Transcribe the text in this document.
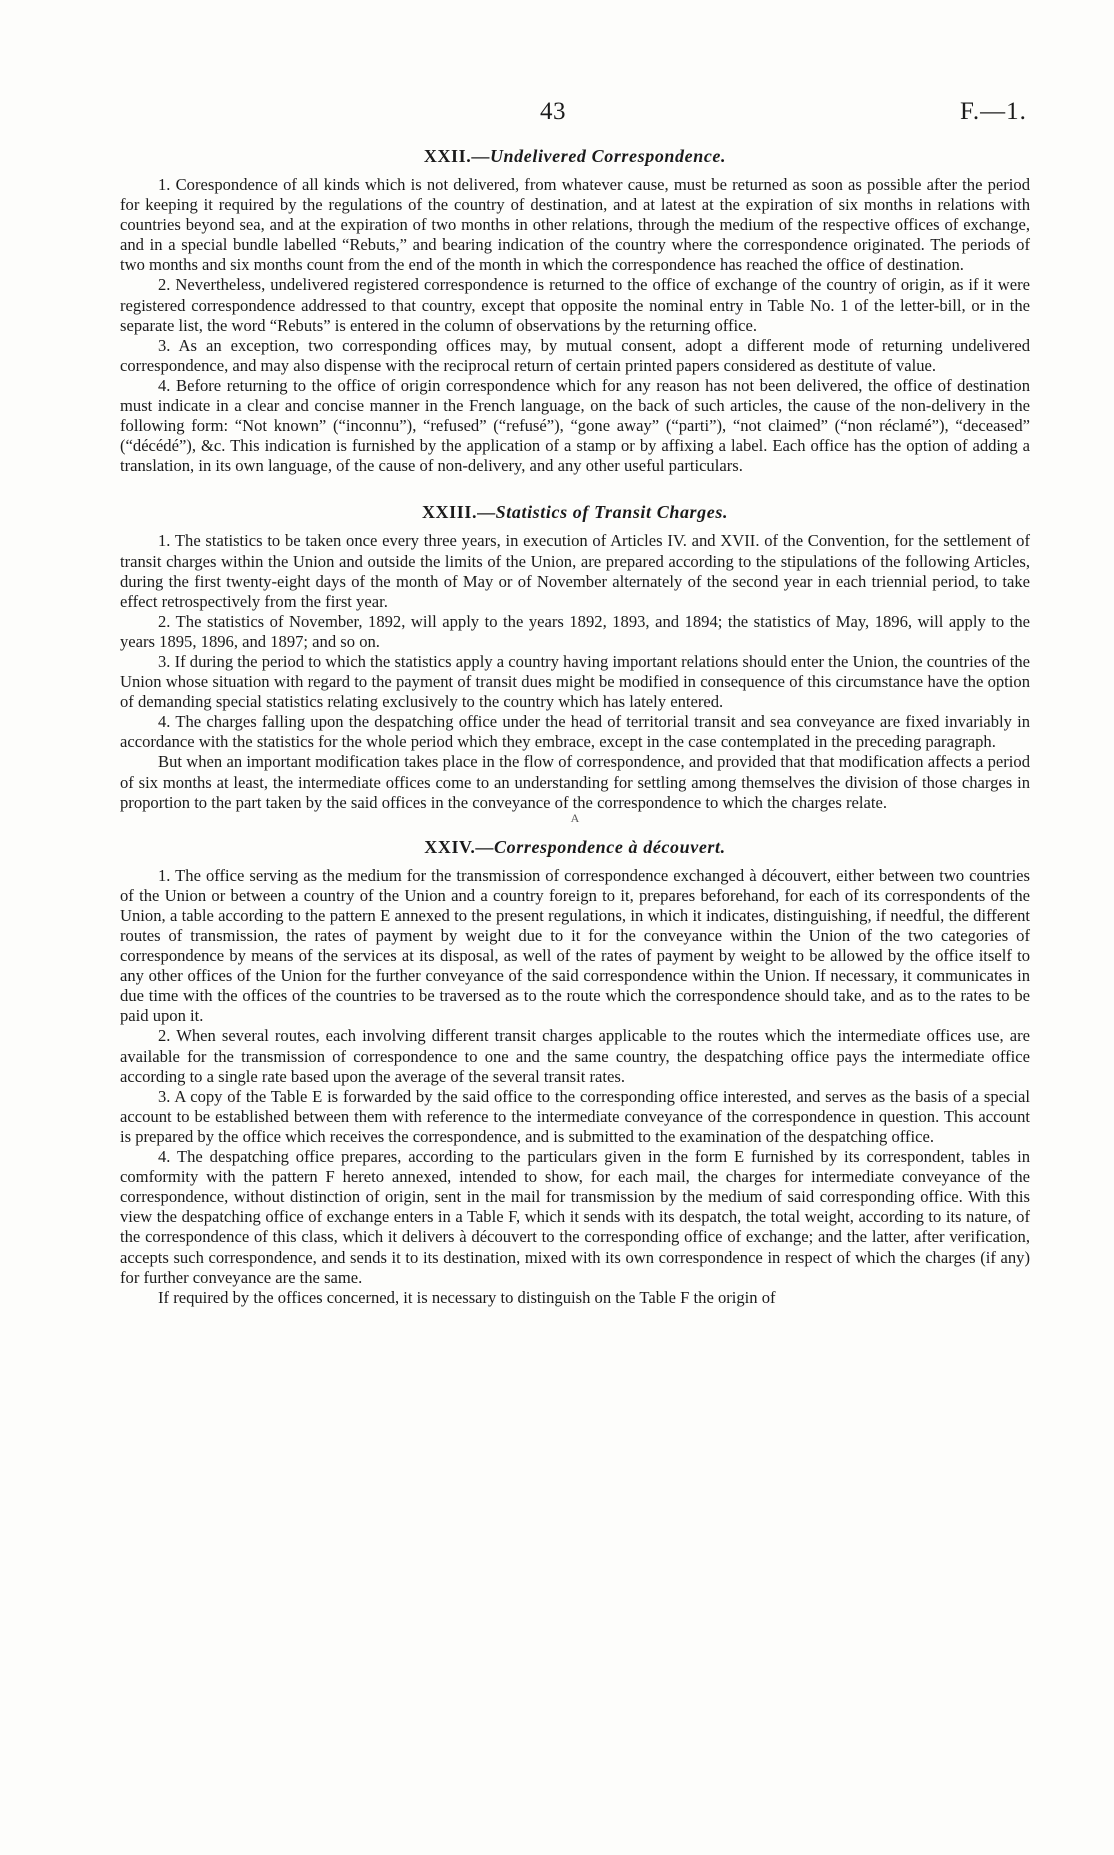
43	F.—1.
XXII.—Undelivered Correspondence.

1. Corespondence of all kinds which is not delivered, from whatever cause, must be returned as soon as possible after the period for keeping it required by the regulations of the country of destination, and at latest at the expiration of six months in relations with countries beyond sea, and at the expiration of two months in other relations, through the medium of the respective offices of exchange, and in a special bundle labelled “Rebuts,” and bearing indication of the country where the correspondence originated. The periods of two months and six months count from the end of the month in which the correspondence has reached the office of destination.

2. Nevertheless, undelivered registered correspondence is returned to the office of exchange of the country of origin, as if it were registered correspondence addressed to that country, except that opposite the nominal entry in Table No. 1 of the letter-bill, or in the separate list, the word “Rebuts” is entered in the column of observations by the returning office.

3. As an exception, two corresponding offices may, by mutual consent, adopt a different mode of returning undelivered correspondence, and may also dispense with the reciprocal return of certain printed papers considered as destitute of value.

4. Before returning to the office of origin correspondence which for any reason has not been delivered, the office of destination must indicate in a clear and concise manner in the French language, on the back of such articles, the cause of the non-delivery in the following form: “Not known” (“inconnu”), “refused” (“refusé”), “gone away” (“parti”), “not claimed” (“non réclamé”), “deceased” (“décédé”), &c. This indication is furnished by the application of a stamp or by affixing a label. Each office has the option of adding a translation, in its own language, of the cause of non-delivery, and any other useful particulars.

XXIII.—Statistics of Transit Charges.

1. The statistics to be taken once every three years, in execution of Articles IV. and XVII. of the Convention, for the settlement of transit charges within the Union and outside the limits of the Union, are prepared according to the stipulations of the following Articles, during the first twenty-eight days of the month of May or of November alternately of the second year in each triennial period, to take effect retrospectively from the first year.

2. The statistics of November, 1892, will apply to the years 1892, 1893, and 1894; the statistics of May, 1896, will apply to the years 1895, 1896, and 1897; and so on.

3. If during the period to which the statistics apply a country having important relations should enter the Union, the countries of the Union whose situation with regard to the payment of transit dues might be modified in consequence of this circumstance have the option of demanding special statistics relating exclusively to the country which has lately entered.

4. The charges falling upon the despatching office under the head of territorial transit and sea conveyance are fixed invariably in accordance with the statistics for the whole period which they embrace, except in the case contemplated in the preceding paragraph.

But when an important modification takes place in the flow of correspondence, and provided that that modification affects a period of six months at least, the intermediate offices come to an understanding for settling among themselves the division of those charges in proportion to the part taken by the said offices in the conveyance of the correspondence to which the charges relate.

A

XXIV.—Correspondence à découvert.

1. The office serving as the medium for the transmission of correspondence exchanged à découvert, either between two countries of the Union or between a country of the Union and a country foreign to it, prepares beforehand, for each of its correspondents of the Union, a table according to the pattern E annexed to the present regulations, in which it indicates, distinguishing, if needful, the different routes of transmission, the rates of payment by weight due to it for the conveyance within the Union of the two categories of correspondence by means of the services at its disposal, as well of the rates of payment by weight to be allowed by the office itself to any other offices of the Union for the further conveyance of the said correspondence within the Union. If necessary, it communicates in due time with the offices of the countries to be traversed as to the route which the correspondence should take, and as to the rates to be paid upon it.

2. When several routes, each involving different transit charges applicable to the routes which the intermediate offices use, are available for the transmission of correspondence to one and the same country, the despatching office pays the intermediate office according to a single rate based upon the average of the several transit rates.

3. A copy of the Table E is forwarded by the said office to the corresponding office interested, and serves as the basis of a special account to be established between them with reference to the intermediate conveyance of the correspondence in question. This account is prepared by the office which receives the correspondence, and is submitted to the examination of the despatching office.

4. The despatching office prepares, according to the particulars given in the form E furnished by its correspondent, tables in comformity with the pattern F hereto annexed, intended to show, for each mail, the charges for intermediate conveyance of the correspondence, without distinction of origin, sent in the mail for transmission by the medium of said corresponding office. With this view the despatching office of exchange enters in a Table F, which it sends with its despatch, the total weight, according to its nature, of the correspondence of this class, which it delivers à découvert to the corresponding office of exchange; and the latter, after verification, accepts such correspondence, and sends it to its destination, mixed with its own correspondence in respect of which the charges (if any) for further conveyance are the same.

If required by the offices concerned, it is necessary to distinguish on the Table F the origin of
